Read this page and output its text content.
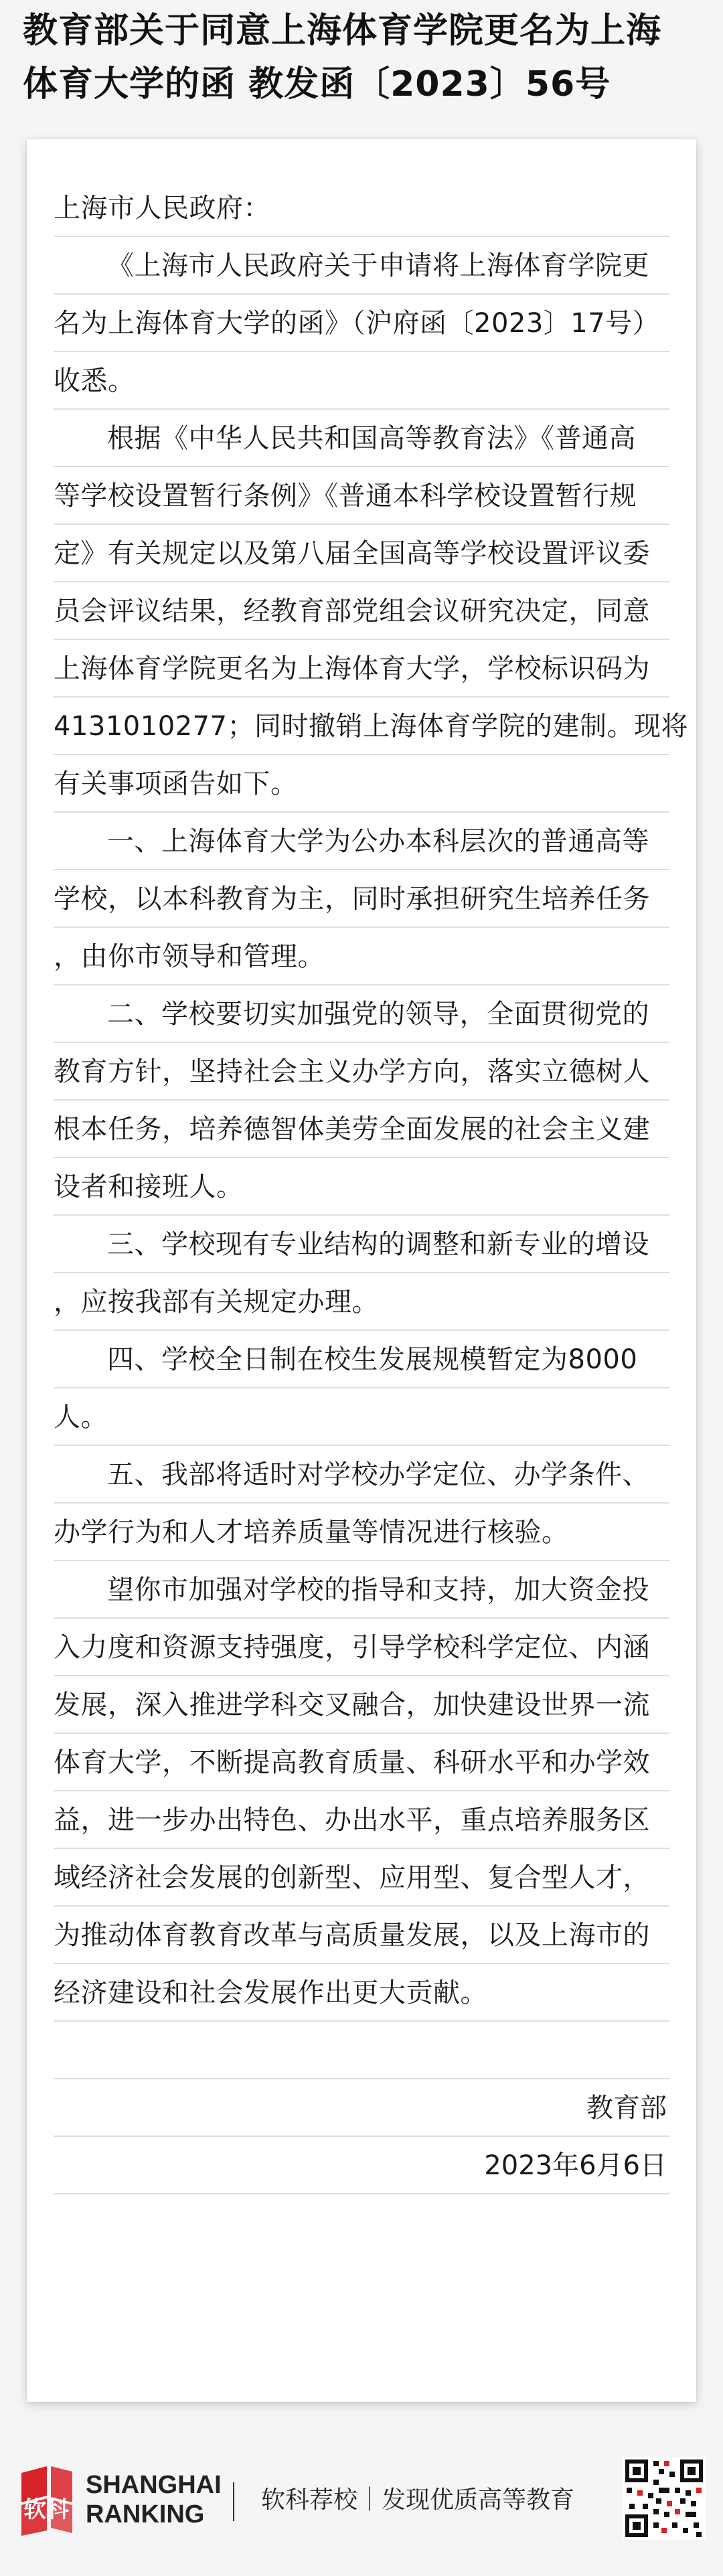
教育部关于同意上海体育学院更名为上海
体育大学的函 教发函〔2023〕56号

上海市人民政府：

《上海市人民政府关于申请将上海体育学院更
名为上海体育大学的函》（沪府函〔2023〕17号）
收悉。

根据《中华人民共和国高等教育法》《普通高
等学校设置暂行条例》《普通本科学校设置暂行规
定》有关规定以及第八届全国高等学校设置评议委
员会评议结果，经教育部党组会议研究决定，同意
上海体育学院更名为上海体育大学，学校标识码为
4131010277；同时撤销上海体育学院的建制。现将
有关事项函告如下。

一、上海体育大学为公办本科层次的普通高等
学校，以本科教育为主，同时承担研究生培养任务
，由你市领导和管理。

二、学校要切实加强党的领导，全面贯彻党的
教育方针，坚持社会主义办学方向，落实立德树人
根本任务，培养德智体美劳全面发展的社会主义建
设者和接班人。

三、学校现有专业结构的调整和新专业的增设
，应按我部有关规定办理。

四、学校全日制在校生发展规模暂定为8000
人。

五、我部将适时对学校办学定位、办学条件、
办学行为和人才培养质量等情况进行核验。

望你市加强对学校的指导和支持，加大资金投
入力度和资源支持强度，引导学校科学定位、内涵
发展，深入推进学科交叉融合，加快建设世界一流
体育大学，不断提高教育质量、科研水平和办学效
益，进一步办出特色、办出水平，重点培养服务区
域经济社会发展的创新型、应用型、复合型人才，
为推动体育教育改革与高质量发展，以及上海市的
经济建设和社会发展作出更大贡献。

教育部
2023年6月6日
软科
SHANGHAI
RANKING
软科荐校｜发现优质高等教育
